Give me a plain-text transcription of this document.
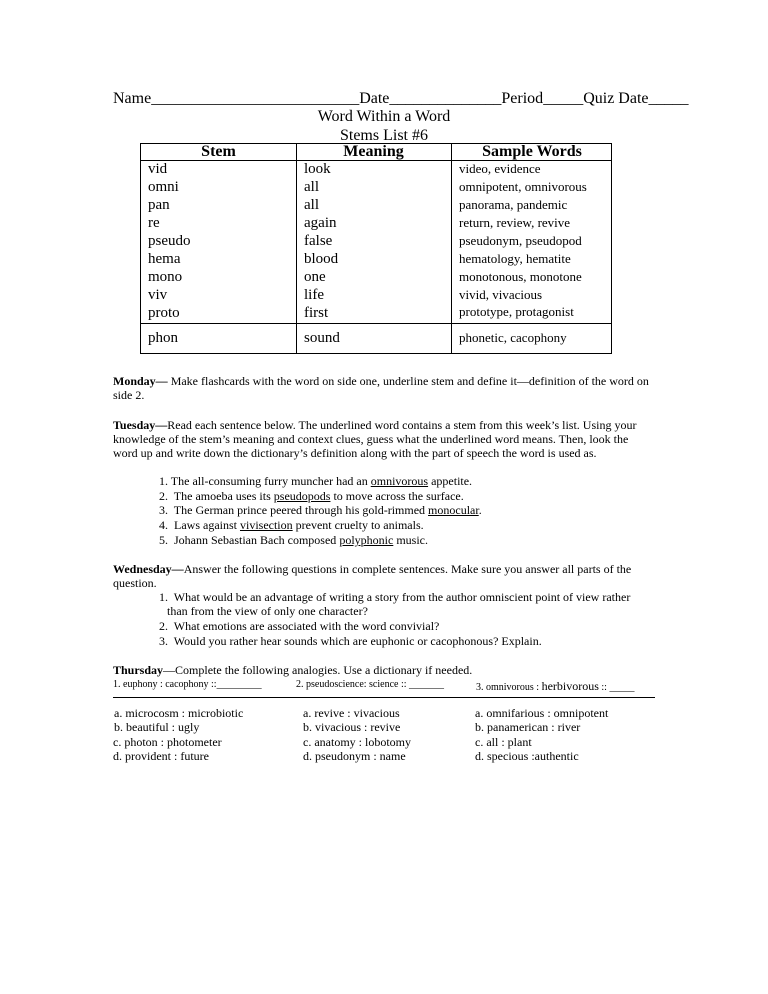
Name__________________________Date______________Period_____Quiz Date_____
Word Within a Word
Stems List #6
Stem	Meaning	Sample Words
vid	look	video, evidence
omni	all	omnipotent, omnivorous
pan	all	panorama, pandemic
re	again	return, review, revive
pseudo	false	pseudonym, pseudopod
hema	blood	hematology, hematite
mono	one	monotonous, monotone
viv	life	vivid, vivacious
proto	first	prototype, protagonist
phon	sound	phonetic, cacophony
Monday— Make flashcards with the word on side one, underline stem and define it—definition of the word on side 2.
Tuesday—Read each sentence below. The underlined word contains a stem from this week’s list. Using your knowledge of the stem’s meaning and context clues, guess what the underlined word means. Then, look the word up and write down the dictionary’s definition along with the part of speech the word is used as.
1. The all-consuming furry muncher had an omnivorous appetite.
2. The amoeba uses its pseudopods to move across the surface.
3. The German prince peered through his gold-rimmed monocular.
4. Laws against vivisection prevent cruelty to animals.
5. Johann Sebastian Bach composed polyphonic music.
Wednesday—Answer the following questions in complete sentences. Make sure you answer all parts of the question.
1. What would be an advantage of writing a story from the author omniscient point of view rather
than from the view of only one character?
2. What emotions are associated with the word convivial?
3. Would you rather hear sounds which are euphonic or cacophonous? Explain.
Thursday—Complete the following analogies. Use a dictionary if needed.
1. euphony : cacophony ::_________	2. pseudoscience: science :: _______	3. omnivorous : herbivorous :: _____
a. microcosm : microbiotic
b. beautiful : ugly
c. photon : photometer
d. provident : future
a. revive : vivacious
b. vivacious : revive
c. anatomy : lobotomy
d. pseudonym : name
a. omnifarious : omnipotent
b. panamerican : river
c. all : plant
d. specious :authentic
